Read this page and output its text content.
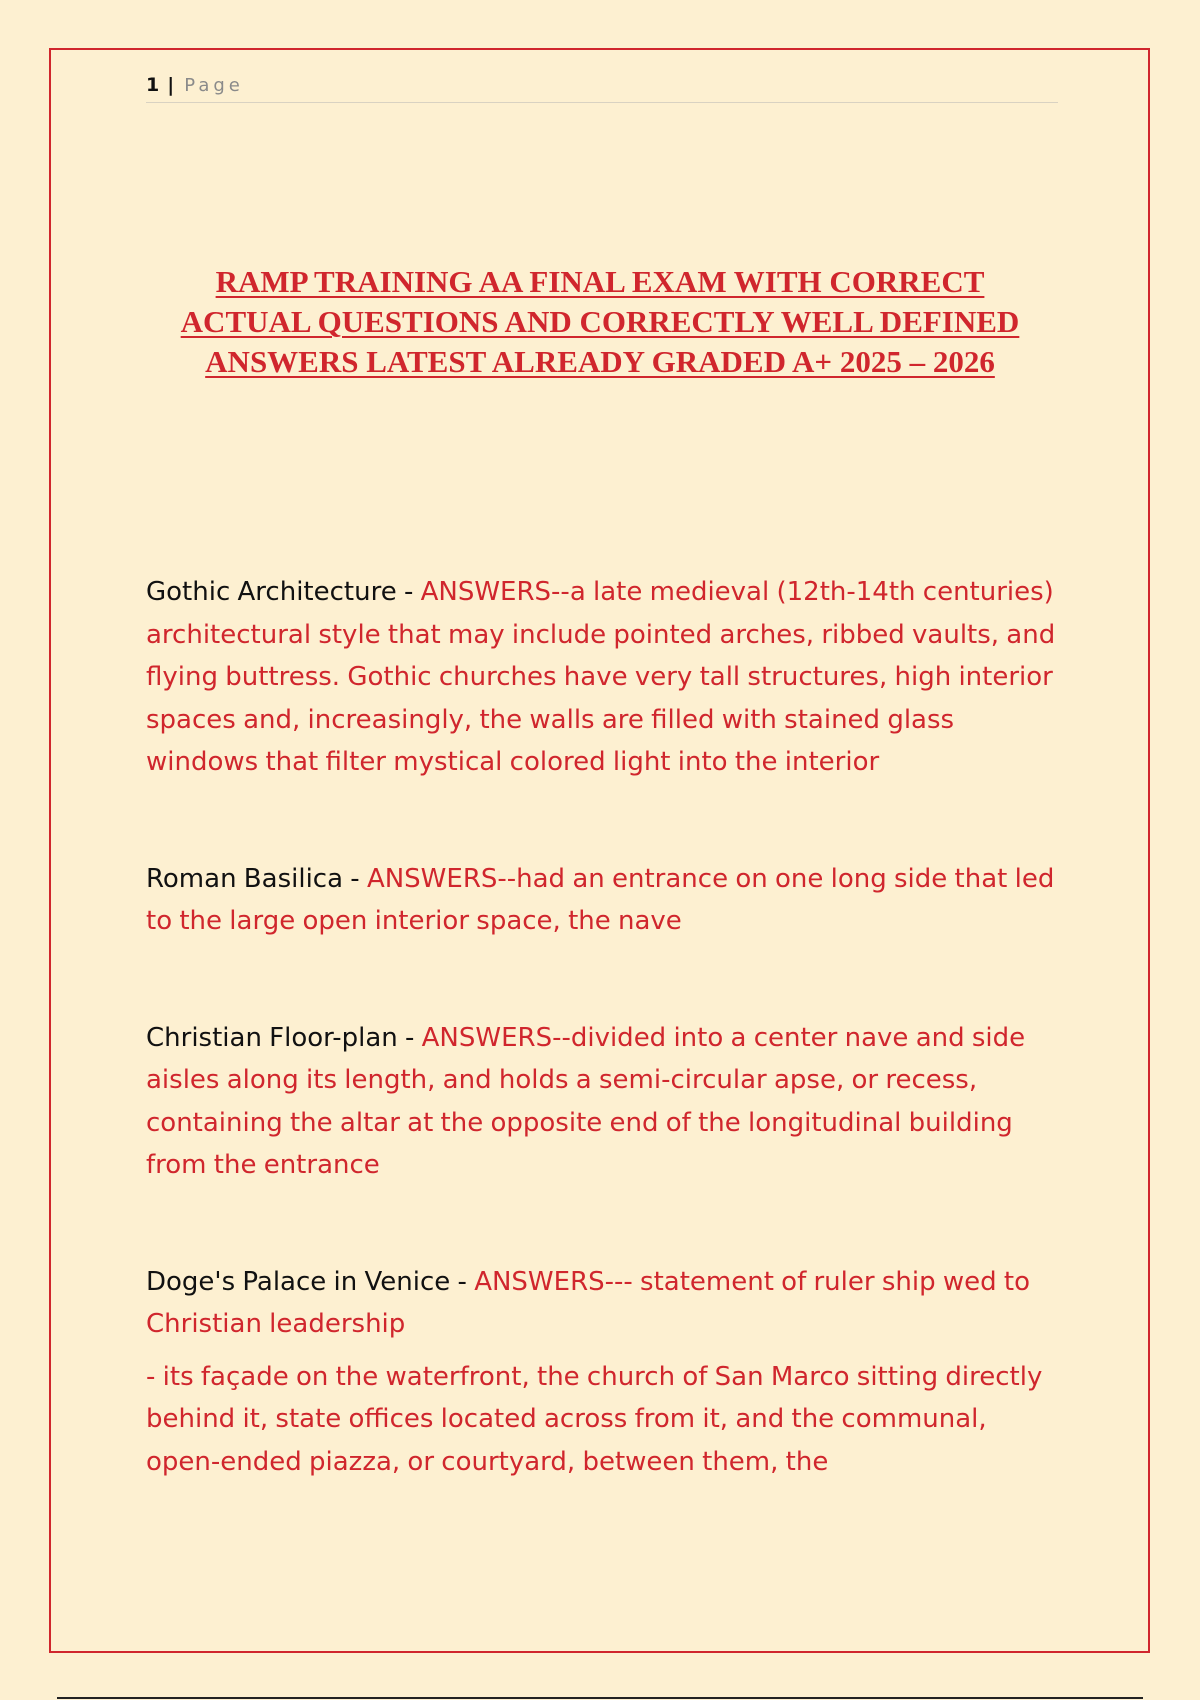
1 | Page
RAMP TRAINING AA FINAL EXAM WITH CORRECT
ACTUAL QUESTIONS AND CORRECTLY WELL DEFINED
ANSWERS LATEST ALREADY GRADED A+ 2025 – 2026

Gothic Architecture - ANSWERS--a late medieval (12th-14th centuries) architectural style that may include pointed arches, ribbed vaults, and flying buttress. Gothic churches have very tall structures, high interior spaces and, increasingly, the walls are filled with stained glass windows that filter mystical colored light into the interior

Roman Basilica - ANSWERS--had an entrance on one long side that led to the large open interior space, the nave

Christian Floor-plan - ANSWERS--divided into a center nave and side aisles along its length, and holds a semi-circular apse, or recess, containing the altar at the opposite end of the longitudinal building from the entrance

Doge's Palace in Venice - ANSWERS--- statement of ruler ship wed to Christian leadership

- its façade on the waterfront, the church of San Marco sitting directly behind it, state offices located across from it, and the communal, open-ended piazza, or courtyard, between them, the
